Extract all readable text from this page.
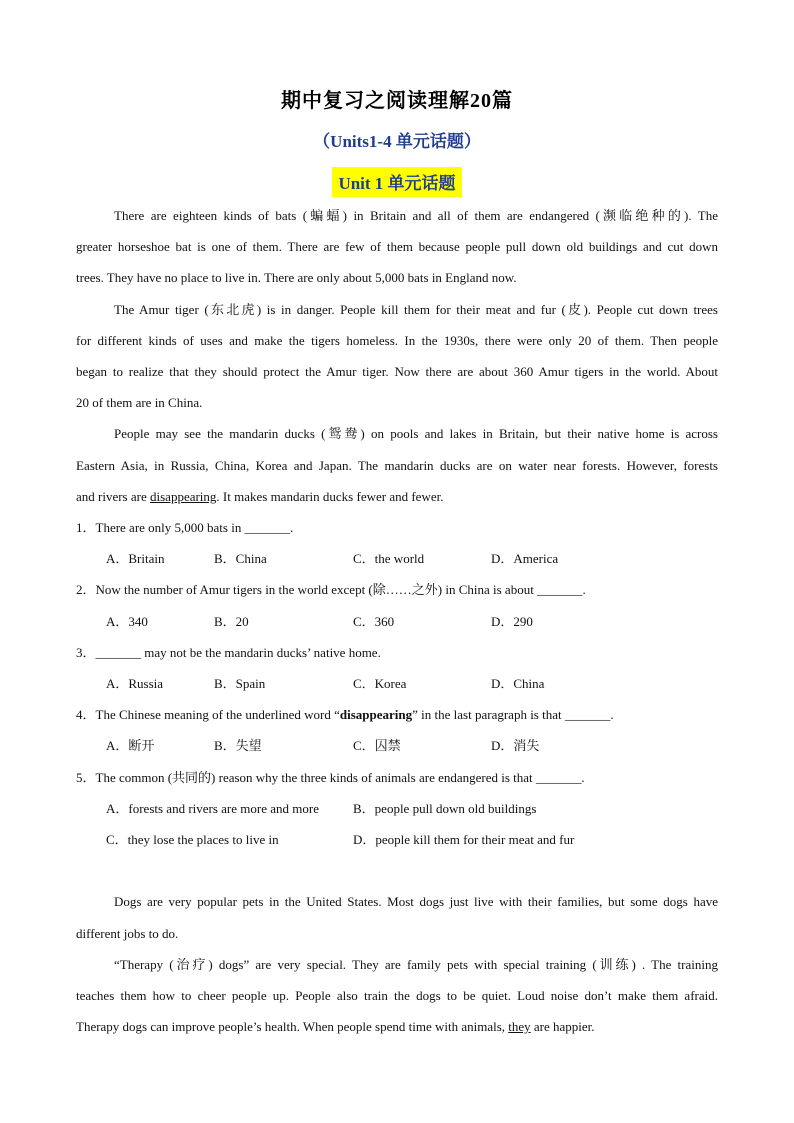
期中复习之阅读理解20篇
（Units1-4 单元话题）
Unit 1 单元话题
There are eighteen kinds of bats (蝙蝠) in Britain and all of them are endangered (濒临绝种的). The
greater horseshoe bat is one of them. There are few of them because people pull down old buildings and cut down
trees. They have no place to live in. There are only about 5,000 bats in England now.
The Amur tiger (东北虎) is in danger. People kill them for their meat and fur (皮). People cut down trees
for different kinds of uses and make the tigers homeless. In the 1930s, there were only 20 of them. Then people
began to realize that they should protect the Amur tiger. Now there are about 360 Amur tigers in the world. About
20 of them are in China.
People may see the mandarin ducks (鸳鸯) on pools and lakes in Britain, but their native home is across
Eastern Asia, in Russia, China, Korea and Japan. The mandarin ducks are on water near forests. However, forests
and rivers are disappearing. It makes mandarin ducks fewer and fewer.
1．There are only 5,000 bats in _______.
A．Britain	B．China	C．the world	D．America
2．Now the number of Amur tigers in the world except (除……之外) in China is about _______.
A．340	B．20	C．360	D．290
3．_______ may not be the mandarin ducks’ native home.
A．Russia	B．Spain	C．Korea	D．China
4．The Chinese meaning of the underlined word “disappearing” in the last paragraph is that _______.
A．断开	B．失望	C．囚禁	D．消失
5．The common (共同的) reason why the three kinds of animals are endangered is that _______.
A．forests and rivers are more and more	B．people pull down old buildings
C．they lose the places to live in	D．people kill them for their meat and fur
Dogs are very popular pets in the United States. Most dogs just live with their families, but some dogs have
different jobs to do.
“Therapy (治疗) dogs” are very special. They are family pets with special training (训练) . The training
teaches them how to cheer people up. People also train the dogs to be quiet. Loud noise don’t make them afraid.
Therapy dogs can improve people’s health. When people spend time with animals, they are happier.
